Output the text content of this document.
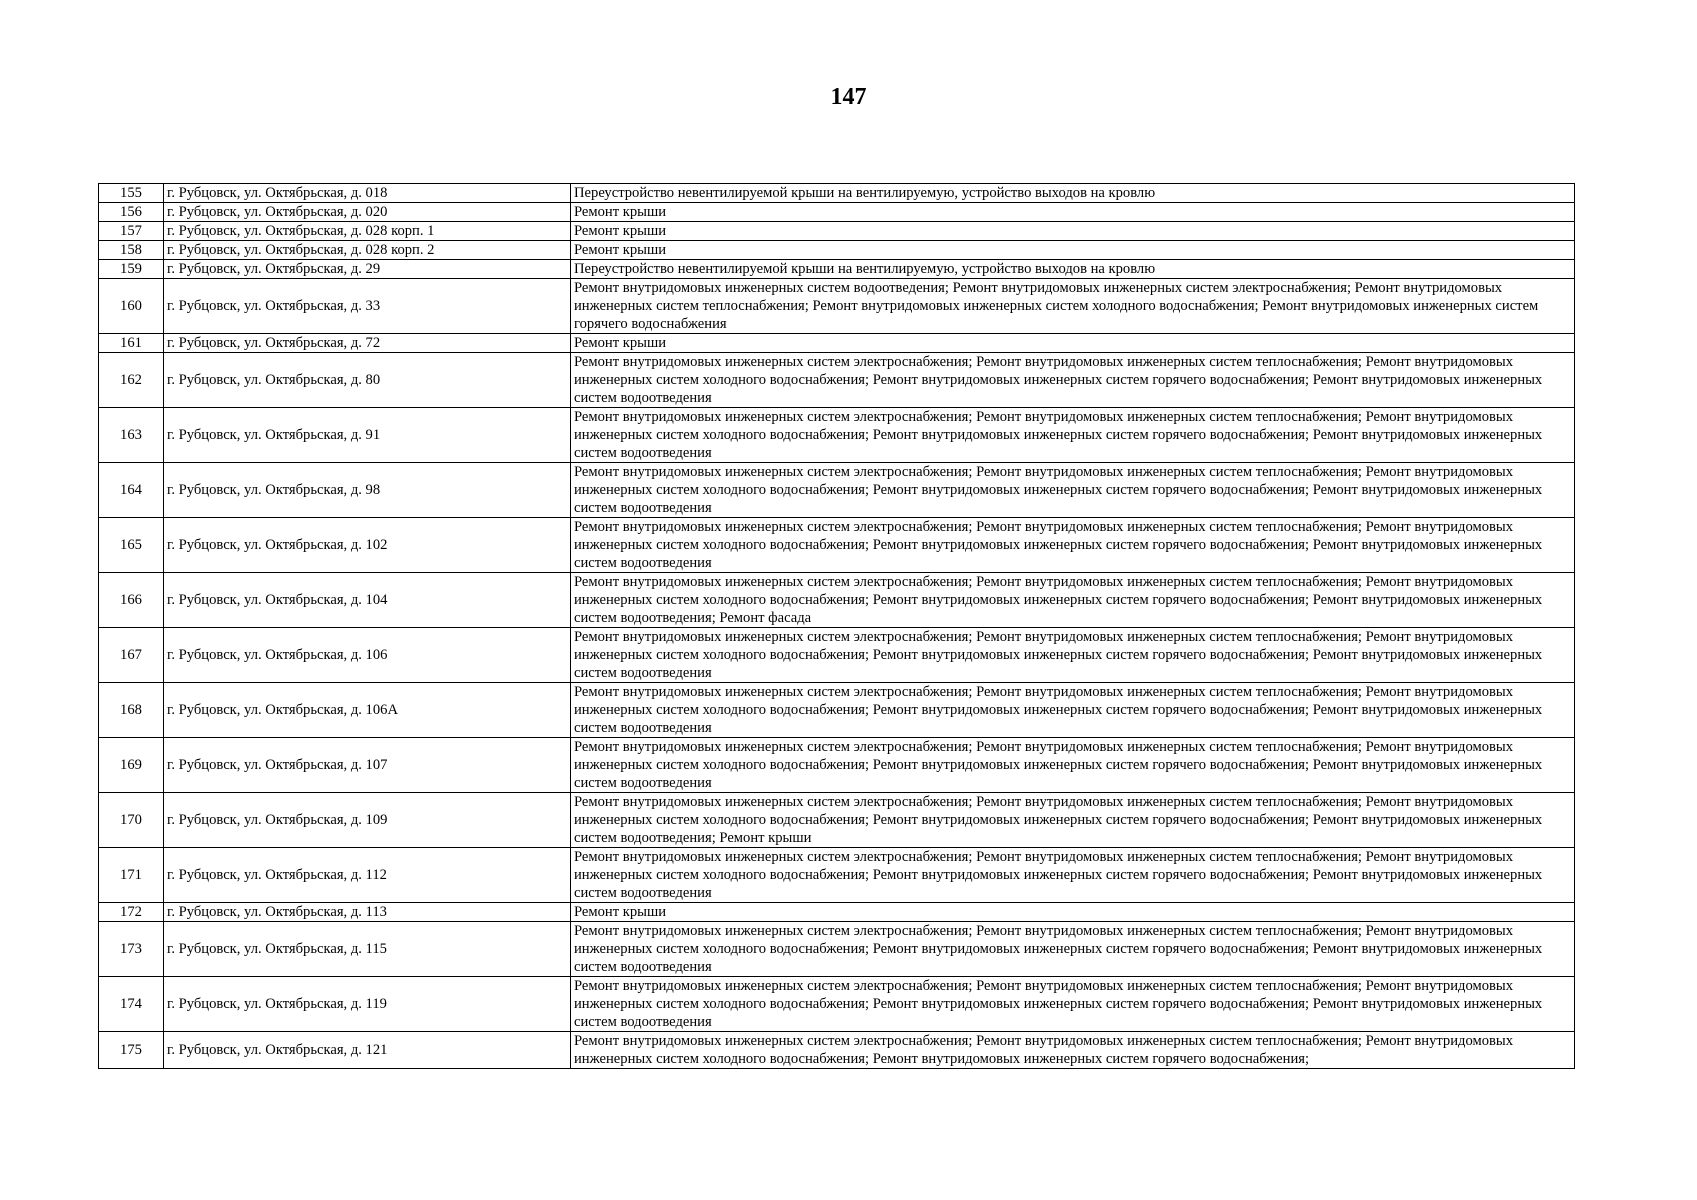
147
155	г. Рубцовск, ул. Октябрьская, д. 018	Переустройство невентилируемой крыши на вентилируемую, устройство выходов на кровлю
156	г. Рубцовск, ул. Октябрьская, д. 020	Ремонт крыши
157	г. Рубцовск, ул. Октябрьская, д. 028 корп. 1	Ремонт крыши
158	г. Рубцовск, ул. Октябрьская, д. 028 корп. 2	Ремонт крыши
159	г. Рубцовск, ул. Октябрьская, д. 29	Переустройство невентилируемой крыши на вентилируемую, устройство выходов на кровлю
160	г. Рубцовск, ул. Октябрьская, д. 33	Ремонт внутридомовых инженерных систем водоотведения; Ремонт внутридомовых инженерных систем электроснабжения; Ремонт внутридомовых инженерных систем теплоснабжения; Ремонт внутридомовых инженерных систем холодного водоснабжения; Ремонт внутридомовых инженерных систем горячего водоснабжения
161	г. Рубцовск, ул. Октябрьская, д. 72	Ремонт крыши
162	г. Рубцовск, ул. Октябрьская, д. 80	Ремонт внутридомовых инженерных систем электроснабжения; Ремонт внутридомовых инженерных систем теплоснабжения; Ремонт внутридомовых инженерных систем холодного водоснабжения; Ремонт внутридомовых инженерных систем горячего водоснабжения; Ремонт внутридомовых инженерных систем водоотведения
163	г. Рубцовск, ул. Октябрьская, д. 91	Ремонт внутридомовых инженерных систем электроснабжения; Ремонт внутридомовых инженерных систем теплоснабжения; Ремонт внутридомовых инженерных систем холодного водоснабжения; Ремонт внутридомовых инженерных систем горячего водоснабжения; Ремонт внутридомовых инженерных систем водоотведения
164	г. Рубцовск, ул. Октябрьская, д. 98	Ремонт внутридомовых инженерных систем электроснабжения; Ремонт внутридомовых инженерных систем теплоснабжения; Ремонт внутридомовых инженерных систем холодного водоснабжения; Ремонт внутридомовых инженерных систем горячего водоснабжения; Ремонт внутридомовых инженерных систем водоотведения
165	г. Рубцовск, ул. Октябрьская, д. 102	Ремонт внутридомовых инженерных систем электроснабжения; Ремонт внутридомовых инженерных систем теплоснабжения; Ремонт внутридомовых инженерных систем холодного водоснабжения; Ремонт внутридомовых инженерных систем горячего водоснабжения; Ремонт внутридомовых инженерных систем водоотведения
166	г. Рубцовск, ул. Октябрьская, д. 104	Ремонт внутридомовых инженерных систем электроснабжения; Ремонт внутридомовых инженерных систем теплоснабжения; Ремонт внутридомовых инженерных систем холодного водоснабжения; Ремонт внутридомовых инженерных систем горячего водоснабжения; Ремонт внутридомовых инженерных систем водоотведения; Ремонт фасада
167	г. Рубцовск, ул. Октябрьская, д. 106	Ремонт внутридомовых инженерных систем электроснабжения; Ремонт внутридомовых инженерных систем теплоснабжения; Ремонт внутридомовых инженерных систем холодного водоснабжения; Ремонт внутридомовых инженерных систем горячего водоснабжения; Ремонт внутридомовых инженерных систем водоотведения
168	г. Рубцовск, ул. Октябрьская, д. 106А	Ремонт внутридомовых инженерных систем электроснабжения; Ремонт внутридомовых инженерных систем теплоснабжения; Ремонт внутридомовых инженерных систем холодного водоснабжения; Ремонт внутридомовых инженерных систем горячего водоснабжения; Ремонт внутридомовых инженерных систем водоотведения
169	г. Рубцовск, ул. Октябрьская, д. 107	Ремонт внутридомовых инженерных систем электроснабжения; Ремонт внутридомовых инженерных систем теплоснабжения; Ремонт внутридомовых инженерных систем холодного водоснабжения; Ремонт внутридомовых инженерных систем горячего водоснабжения; Ремонт внутридомовых инженерных систем водоотведения
170	г. Рубцовск, ул. Октябрьская, д. 109	Ремонт внутридомовых инженерных систем электроснабжения; Ремонт внутридомовых инженерных систем теплоснабжения; Ремонт внутридомовых инженерных систем холодного водоснабжения; Ремонт внутридомовых инженерных систем горячего водоснабжения; Ремонт внутридомовых инженерных систем водоотведения; Ремонт крыши
171	г. Рубцовск, ул. Октябрьская, д. 112	Ремонт внутридомовых инженерных систем электроснабжения; Ремонт внутридомовых инженерных систем теплоснабжения; Ремонт внутридомовых инженерных систем холодного водоснабжения; Ремонт внутридомовых инженерных систем горячего водоснабжения; Ремонт внутридомовых инженерных систем водоотведения
172	г. Рубцовск, ул. Октябрьская, д. 113	Ремонт крыши
173	г. Рубцовск, ул. Октябрьская, д. 115	Ремонт внутридомовых инженерных систем электроснабжения; Ремонт внутридомовых инженерных систем теплоснабжения; Ремонт внутридомовых инженерных систем холодного водоснабжения; Ремонт внутридомовых инженерных систем горячего водоснабжения; Ремонт внутридомовых инженерных систем водоотведения
174	г. Рубцовск, ул. Октябрьская, д. 119	Ремонт внутридомовых инженерных систем электроснабжения; Ремонт внутридомовых инженерных систем теплоснабжения; Ремонт внутридомовых инженерных систем холодного водоснабжения; Ремонт внутридомовых инженерных систем горячего водоснабжения; Ремонт внутридомовых инженерных систем водоотведения
175	г. Рубцовск, ул. Октябрьская, д. 121	Ремонт внутридомовых инженерных систем электроснабжения; Ремонт внутридомовых инженерных систем теплоснабжения; Ремонт внутридомовых инженерных систем холодного водоснабжения; Ремонт внутридомовых инженерных систем горячего водоснабжения;
